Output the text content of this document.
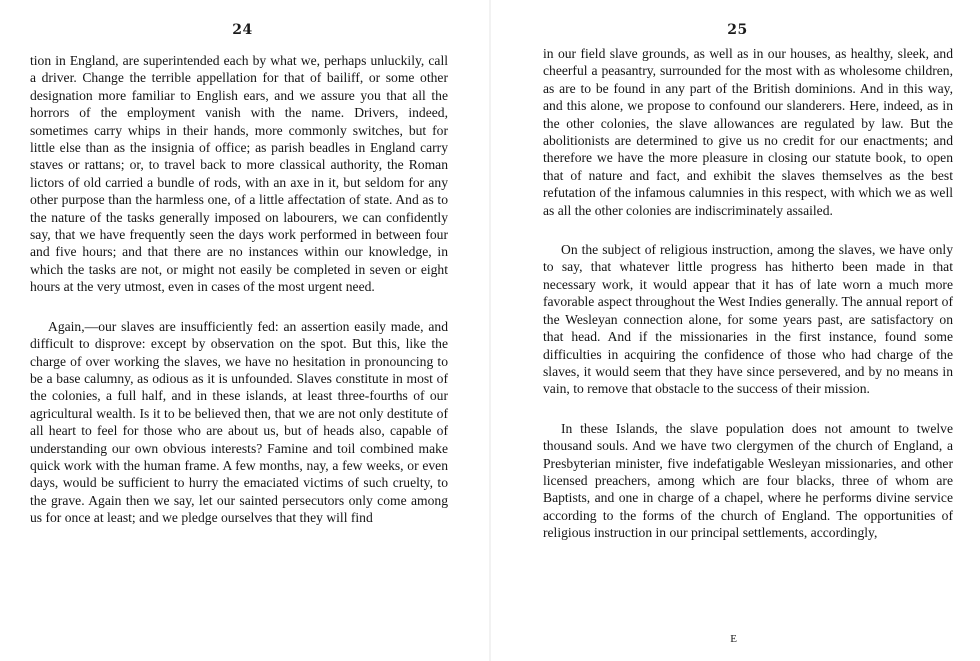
24

tion in England, are superintended each by what we, perhaps unluckily, call a driver. Change the terrible appellation for that of bailiff, or some other designation more familiar to English ears, and we assure you that all the horrors of the employment vanish with the name. Drivers, indeed, sometimes carry whips in their hands, more commonly switches, but for little else than as the insignia of office; as parish beadles in England carry staves or rattans; or, to travel back to more classical authority, the Roman lictors of old carried a bundle of rods, with an axe in it, but seldom for any other purpose than the harmless one, of a little affectation of state. And as to the nature of the tasks generally imposed on labourers, we can confidently say, that we have frequently seen the days work performed in between four and five hours; and that there are no instances within our knowledge, in which the tasks are not, or might not easily be completed in seven or eight hours at the very utmost, even in cases of the most urgent need.

Again,—our slaves are insufficiently fed: an assertion easily made, and difficult to disprove: except by observation on the spot. But this, like the charge of over working the slaves, we have no hesitation in pronouncing to be a base calumny, as odious as it is unfounded. Slaves constitute in most of the colonies, a full half, and in these islands, at least three-fourths of our agricultural wealth. Is it to be believed then, that we are not only destitute of all heart to feel for those who are about us, but of heads also, capable of understanding our own obvious interests? Famine and toil combined make quick work with the human frame. A few months, nay, a few weeks, or even days, would be sufficient to hurry the emaciated victims of such cruelty, to the grave. Again then we say, let our sainted persecutors only come among us for once at least; and we pledge ourselves that they will find

25

in our field slave grounds, as well as in our houses, as healthy, sleek, and cheerful a peasantry, surrounded for the most with as wholesome children, as are to be found in any part of the British dominions. And in this way, and this alone, we propose to confound our slanderers. Here, indeed, as in the other colonies, the slave allowances are regulated by law. But the abolitionists are determined to give us no credit for our enactments; and therefore we have the more pleasure in closing our statute book, to open that of nature and fact, and exhibit the slaves themselves as the best refutation of the infamous calumnies in this respect, with which we as well as all the other colonies are indiscriminately assailed.

On the subject of religious instruction, among the slaves, we have only to say, that whatever little progress has hitherto been made in that necessary work, it would appear that it has of late worn a much more favorable aspect throughout the West Indies generally. The annual report of the Wesleyan connection alone, for some years past, are satisfactory on that head. And if the missionaries in the first instance, found some difficulties in acquiring the confidence of those who had charge of the slaves, it would seem that they have since persevered, and by no means in vain, to remove that obstacle to the success of their mission.

In these Islands, the slave population does not amount to twelve thousand souls. And we have two clergymen of the church of England, a Presbyterian minister, five indefatigable Wesleyan missionaries, and other licensed preachers, among which are four blacks, three of whom are Baptists, and one in charge of a chapel, where he performs divine service according to the forms of the church of England. The opportunities of religious instruction in our principal settlements, accordingly,

E
